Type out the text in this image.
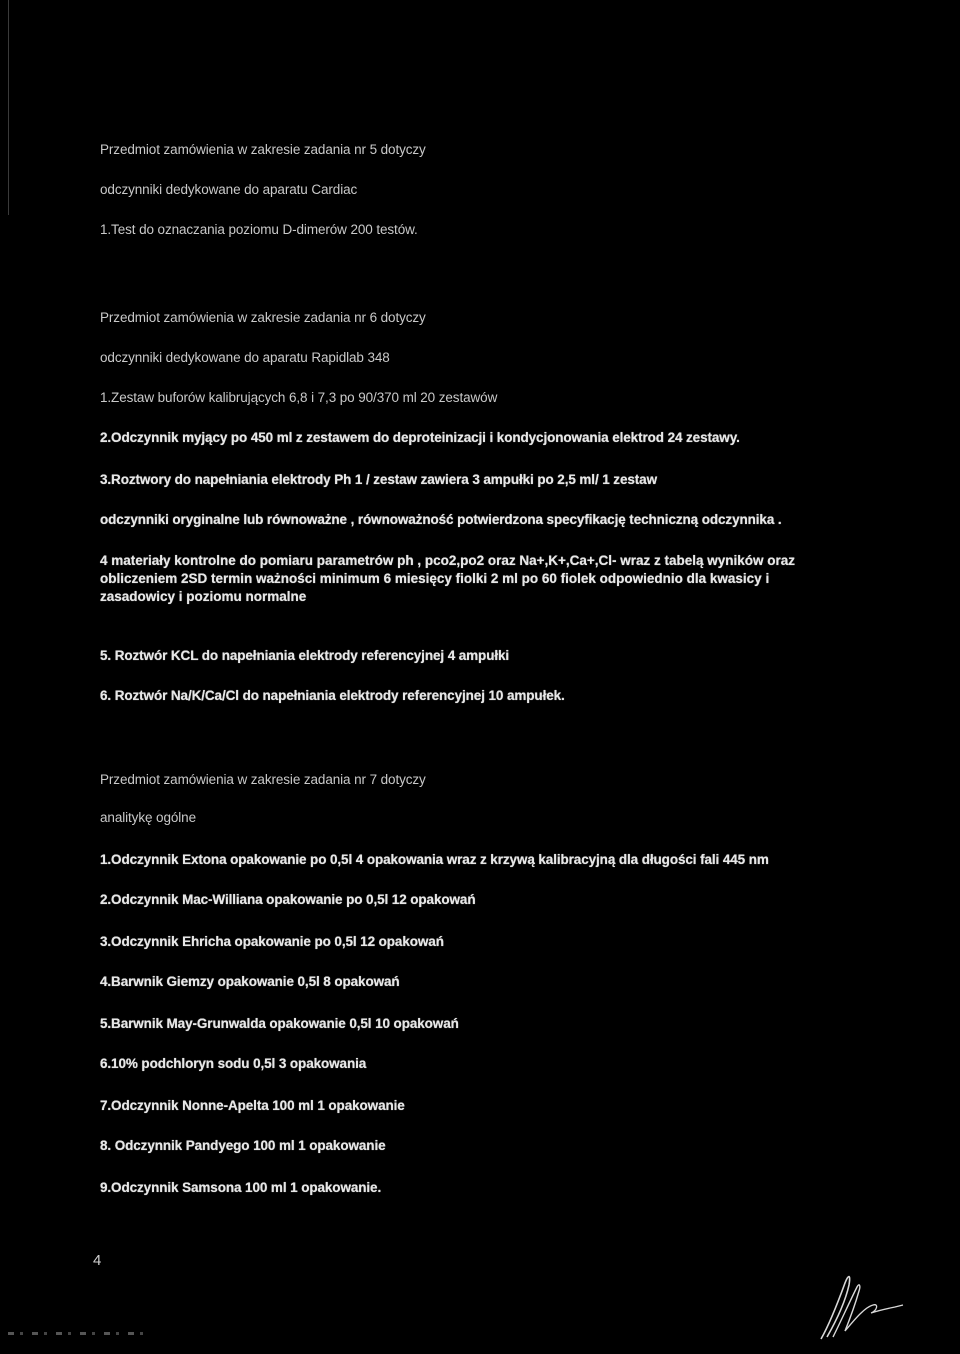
Przedmiot zamówienia w zakresie zadania nr 5 dotyczy
odczynniki dedykowane do aparatu Cardiac
1.Test do oznaczania poziomu D-dimerów 200 testów.
Przedmiot zamówienia w zakresie zadania nr 6 dotyczy
odczynniki dedykowane do aparatu Rapidlab 348
1.Zestaw buforów kalibrujących 6,8 i 7,3 po 90/370 ml 20 zestawów
2.Odczynnik myjący po 450 ml z zestawem do deproteinizacji i kondycjonowania elektrod 24 zestawy.
3.Roztwory do napełniania elektrody Ph 1 / zestaw zawiera 3 ampułki po 2,5 ml/ 1 zestaw
odczynniki oryginalne lub równoważne , równoważność potwierdzona specyfikację techniczną odczynnika .
4 materiały kontrolne do pomiaru parametrów ph , pco2,po2 oraz Na+,K+,Ca+,Cl- wraz z tabelą wyników oraz obliczeniem 2SD termin ważności minimum 6 miesięcy fiolki 2 ml po 60 fiolek odpowiednio dla kwasicy i zasadowicy i poziomu normalne
5. Roztwór KCL do napełniania elektrody referencyjnej 4 ampułki
6. Roztwór Na/K/Ca/Cl do napełniania elektrody referencyjnej 10 ampułek.
Przedmiot zamówienia w zakresie zadania nr 7 dotyczy
analitykę ogólne
1.Odczynnik Extona opakowanie po 0,5l 4 opakowania wraz z krzywą kalibracyjną dla długości fali 445 nm
2.Odczynnik Mac-Williana opakowanie po 0,5l 12 opakowań
3.Odczynnik Ehricha opakowanie po 0,5l 12 opakowań
4.Barwnik Giemzy opakowanie 0,5l 8 opakowań
5.Barwnik May-Grunwalda opakowanie 0,5l 10 opakowań
6.10% podchloryn sodu 0,5l 3 opakowania
7.Odczynnik Nonne-Apelta 100 ml 1 opakowanie
8. Odczynnik Pandyego 100 ml 1 opakowanie
9.Odczynnik Samsona 100 ml 1 opakowanie.
4
